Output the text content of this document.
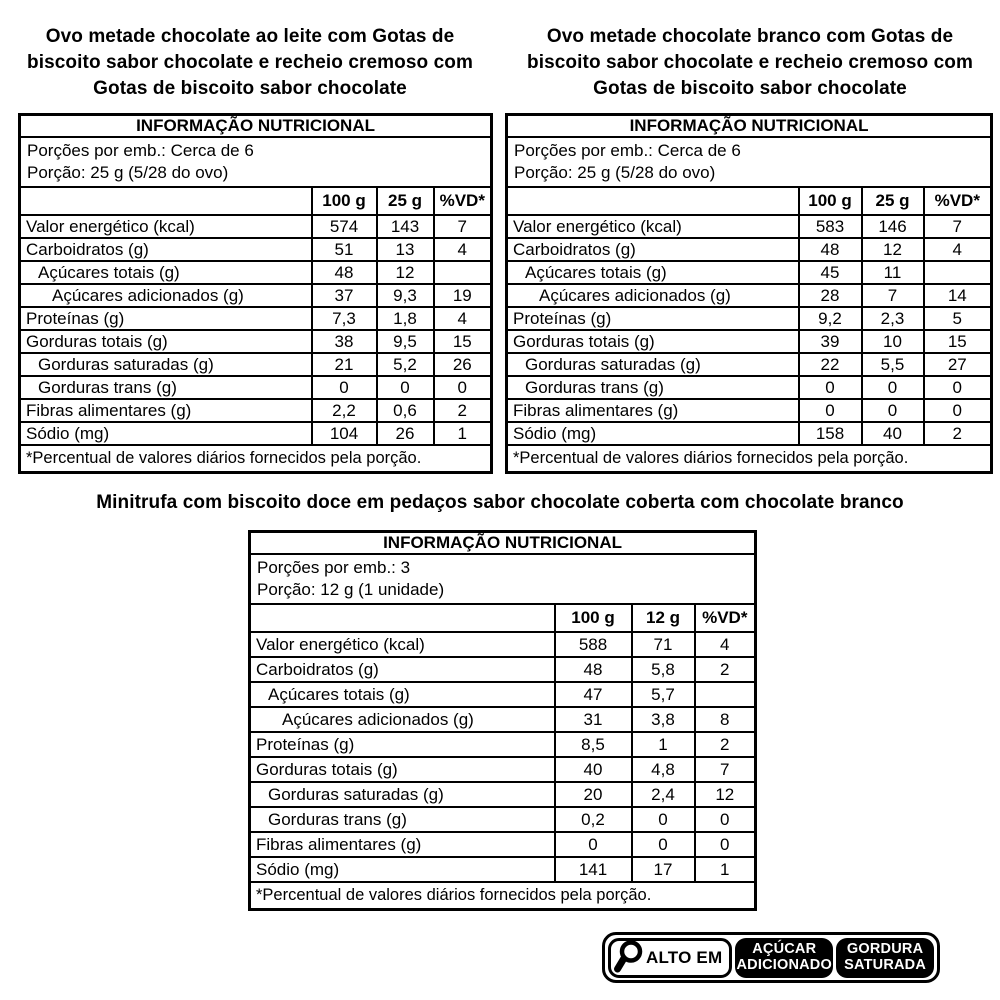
Ovo metade chocolate ao leite com Gotas de biscoito sabor chocolate e recheio cremoso com Gotas de biscoito sabor chocolate
Ovo metade chocolate branco com Gotas de biscoito sabor chocolate e recheio cremoso com Gotas de biscoito sabor chocolate
INFORMAÇÃO NUTRICIONAL			

Porções por emb.: Cerca de 6
Porção: 25 g (5/28 do ovo)			

	100 g	25 g	%VD*
Valor energético (kcal)	574	143	7
Carboidratos (g)	51	13	4
Açúcares totais (g)	48	12	
Açúcares adicionados (g)	37	9,3	19
Proteínas (g)	7,3	1,8	4
Gorduras totais (g)	38	9,5	15
Gorduras saturadas (g)	21	5,2	26
Gorduras trans (g)	0	0	0
Fibras alimentares (g)	2,2	0,6	2
Sódio (mg)	104	26	1
*Percentual de valores diários fornecidos pela porção.			
INFORMAÇÃO NUTRICIONAL			

Porções por emb.: Cerca de 6
Porção: 25 g (5/28 do ovo)			

	100 g	25 g	%VD*
Valor energético (kcal)	583	146	7
Carboidratos (g)	48	12	4
Açúcares totais (g)	45	11	
Açúcares adicionados (g)	28	7	14
Proteínas (g)	9,2	2,3	5
Gorduras totais (g)	39	10	15
Gorduras saturadas (g)	22	5,5	27
Gorduras trans (g)	0	0	0
Fibras alimentares (g)	0	0	0
Sódio (mg)	158	40	2
*Percentual de valores diários fornecidos pela porção.			
Minitrufa com biscoito doce em pedaços sabor chocolate coberta com chocolate branco
INFORMAÇÃO NUTRICIONAL			

Porções por emb.: 3
Porção: 12 g (1 unidade)			

	100 g	12 g	%VD*
Valor energético (kcal)	588	71	4
Carboidratos (g)	48	5,8	2
Açúcares totais (g)	47	5,7	
Açúcares adicionados (g)	31	3,8	8
Proteínas (g)	8,5	1	2
Gorduras totais (g)	40	4,8	7
Gorduras saturadas (g)	20	2,4	12
Gorduras trans (g)	0,2	0	0
Fibras alimentares (g)	0	0	0
Sódio (mg)	141	17	1
*Percentual de valores diários fornecidos pela porção.			
ALTO EM AÇÚCAR
ADICIONADO
GORDURA
SATURADA
